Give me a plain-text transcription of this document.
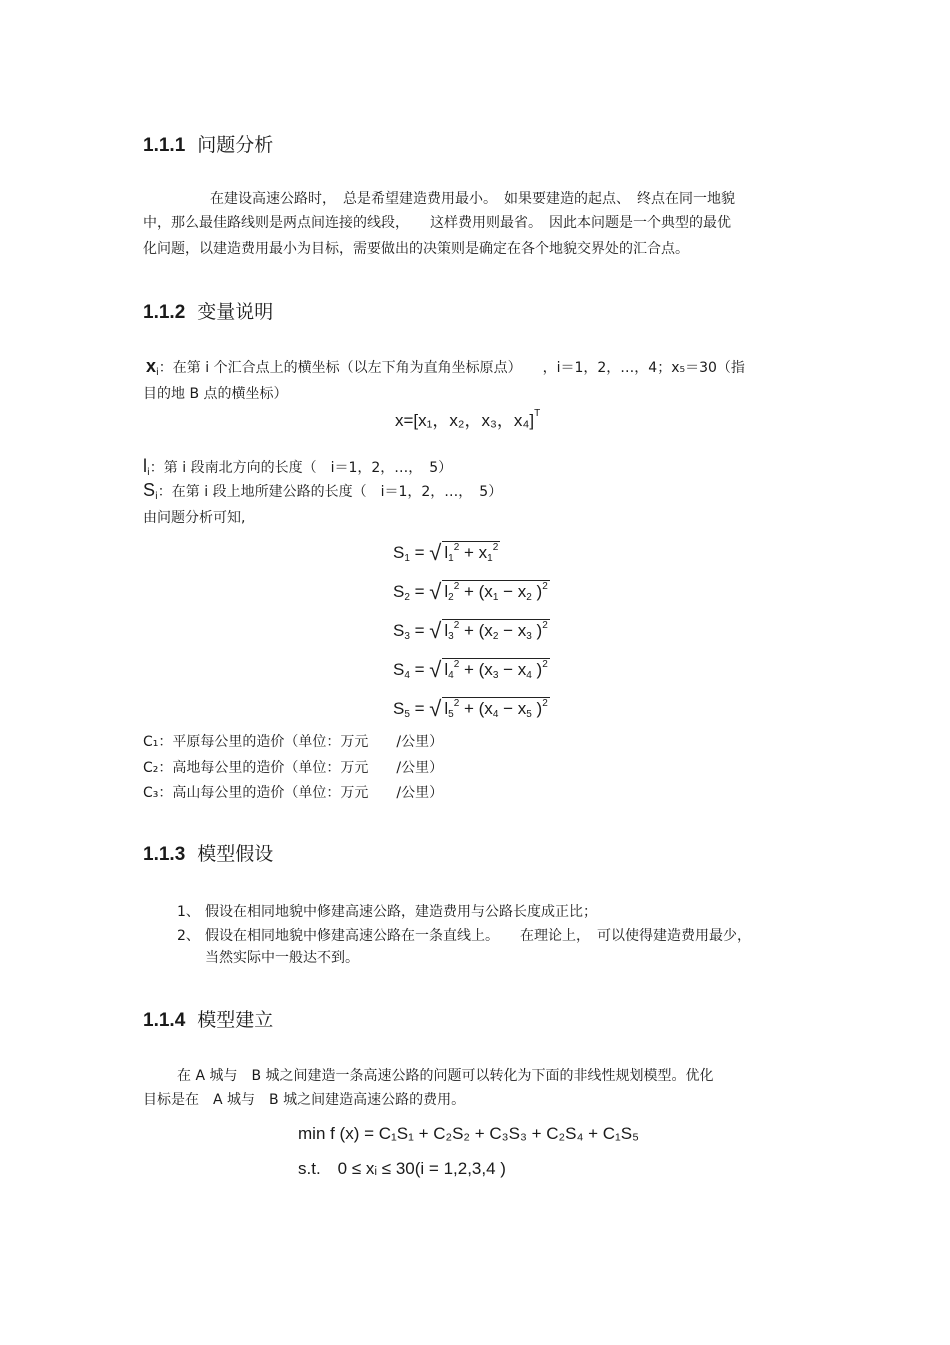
1.1.1 问题分析
在建设高速公路时，　总是希望建造费用最小。　如果要建造的起点、　终点在同一地貌
中，那么最佳路线则是两点间连接的线段，　　这样费用则最省。　因此本问题是一个典型的最优
化问题，以建造费用最小为目标，需要做出的决策则是确定在各个地貌交界处的汇合点。
1.1.2 变量说明
$x_i$：在第 i 个汇合点上的横坐标（以左下角为直角坐标原点）　　，i＝1，2，…，4；x₅＝30（指
目的地 B 点的横坐标）
x=[x₁，x₂，x₃，x₄]$^T$
$l_i$：第 i 段南北方向的长度（　i＝1，2，…，　5）
$S_i$：在第 i 段上地所建公路的长度（　i＝1，2，…，　5）
由问题分析可知,
$S_1$ = √ $l_1^2 + x_1^2$
$S_2$ = √ $l_2^2 + (x_1 - x_2$ )$^2$
$S_3$ = √ $l_3^2 + (x_2 - x_3$ )$^2$
$S_4$ = √ $l_4^2 + (x_3 - x_4$ )$^2$
$S_5$ = √ $l_5^2 + (x_4 - x_5$ )$^2$
C₁：平原每公里的造价（单位：万元　　/公里）
C₂：高地每公里的造价（单位：万元　　/公里）
C₃：高山每公里的造价（单位：万元　　/公里）
1.1.3 模型假设
1、 假设在相同地貌中修建高速公路，建造费用与公路长度成正比；
2、 假设在相同地貌中修建高速公路在一条直线上。　　在理论上，　可以使得建造费用最少，
当然实际中一般达不到。
1.1.4 模型建立
在 A 城与　B 城之间建造一条高速公路的问题可以转化为下面的非线性规划模型。优化
目标是在　A 城与　B 城之间建造高速公路的费用。
min f (x) = C₁S₁ + C₂S₂ + C₃S₃ + C₂S₄ + C₁S₅
s.t.　0 ≤ xᵢ ≤ 30(i = 1,2,3,4 )
